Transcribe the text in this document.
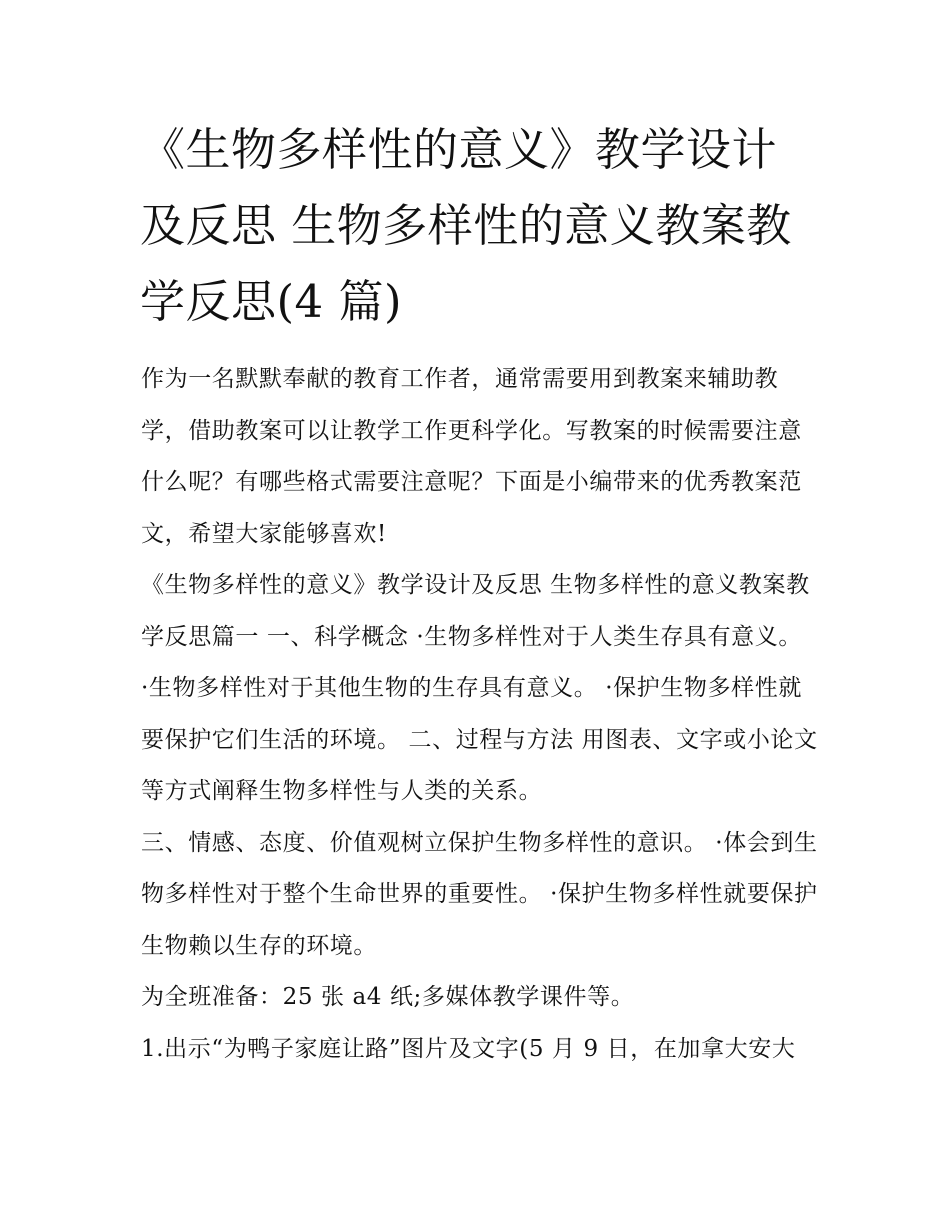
《生物多样性的意义》教学设计及反思 生物多样性的意义教案教学反思(4 篇)

作为一名默默奉献的教育工作者，通常需要用到教案来辅助教学，借助教案可以让教学工作更科学化。写教案的时候需要注意什么呢？有哪些格式需要注意呢？下面是小编带来的优秀教案范文，希望大家能够喜欢!

《生物多样性的意义》教学设计及反思 生物多样性的意义教案教学反思篇一 一、科学概念 ·生物多样性对于人类生存具有意义。

·生物多样性对于其他生物的生存具有意义。 ·保护生物多样性就要保护它们生活的环境。 二、过程与方法 用图表、文字或小论文等方式阐释生物多样性与人类的关系。

三、情感、态度、价值观树立保护生物多样性的意识。 ·体会到生物多样性对于整个生命世界的重要性。 ·保护生物多样性就要保护生物赖以生存的环境。

为全班准备：25 张 a4 纸;多媒体教学课件等。

1.出示“为鸭子家庭让路”图片及文字(5 月 9 日，在加拿大安大
